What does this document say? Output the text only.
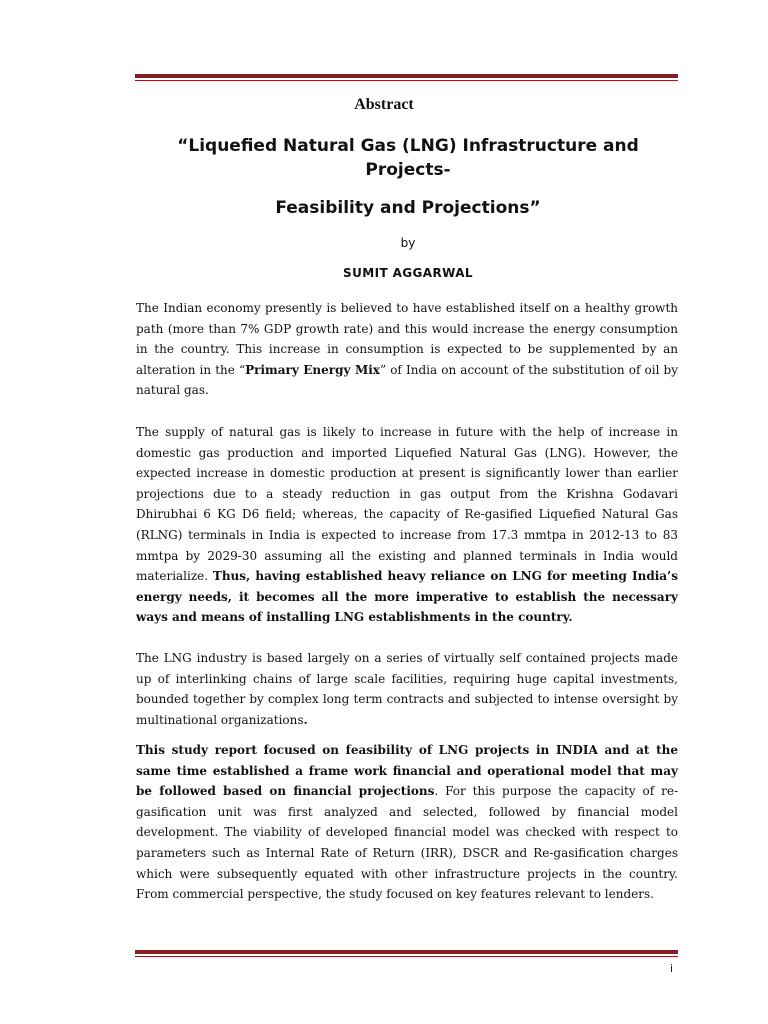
Abstract
“Liquefied Natural Gas (LNG) Infrastructure and Projects-
Feasibility and Projections”
by
SUMIT AGGARWAL

The Indian economy presently is believed to have established itself on a healthy growth path (more than 7% GDP growth rate) and this would increase the energy consumption in the country. This increase in consumption is expected to be supplemented by an alteration in the “Primary Energy Mix” of India on account of the substitution of oil by natural gas.

The supply of natural gas is likely to increase in future with the help of increase in domestic gas production and imported Liquefied Natural Gas (LNG). However, the expected increase in domestic production at present is significantly lower than earlier projections due to a steady reduction in gas output from the Krishna Godavari Dhirubhai 6 KG D6 field; whereas, the capacity of Re-gasified Liquefied Natural Gas (RLNG) terminals in India is expected to increase from 17.3 mmtpa in 2012-13 to 83 mmtpa by 2029-30 assuming all the existing and planned terminals in India would materialize. Thus, having established heavy reliance on LNG for meeting India’s energy needs, it becomes all the more imperative to establish the necessary ways and means of installing LNG establishments in the country.

The LNG industry is based largely on a series of virtually self contained projects made up of interlinking chains of large scale facilities, requiring huge capital investments, bounded together by complex long term contracts and subjected to intense oversight by multinational organizations.

This study report focused on feasibility of LNG projects in INDIA and at the same time established a frame work financial and operational model that may be followed based on financial projections. For this purpose the capacity of re-gasification unit was first analyzed and selected, followed by financial model development. The viability of developed financial model was checked with respect to parameters such as Internal Rate of Return (IRR), DSCR and Re-gasification charges which were subsequently equated with other infrastructure projects in the country. From commercial perspective, the study focused on key features relevant to lenders.

i
